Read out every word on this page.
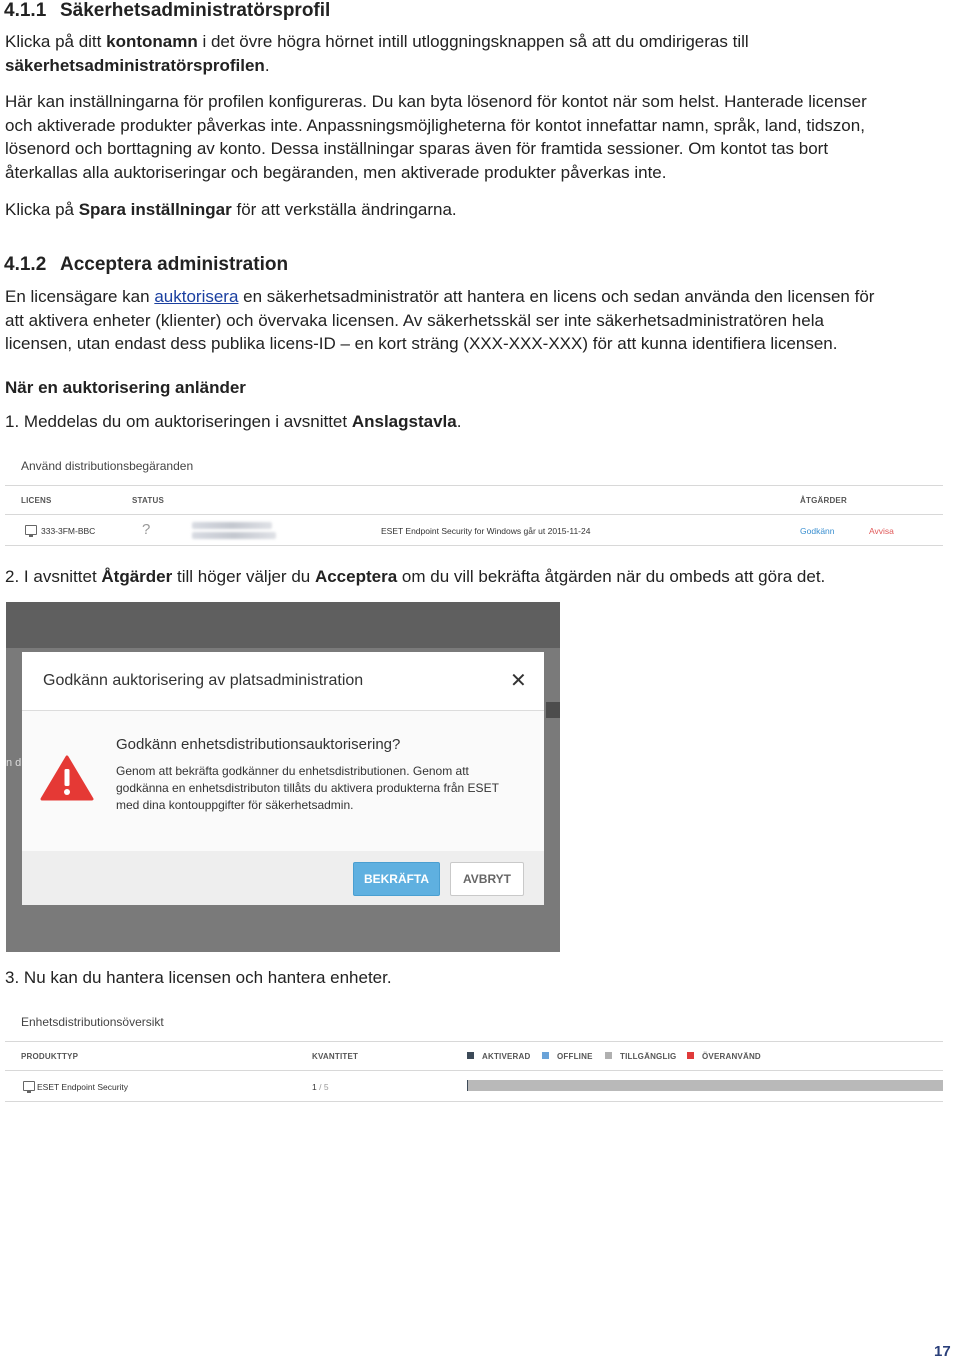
4.1.1 Säkerhetsadministratörsprofil
Klicka på ditt kontonamn i det övre högra hörnet intill utloggningsknappen så att du omdirigeras till
säkerhetsadministratörsprofilen.
Här kan inställningarna för profilen konfigureras. Du kan byta lösenord för kontot när som helst. Hanterade licenser
och aktiverade produkter påverkas inte. Anpassningsmöjligheterna för kontot innefattar namn, språk, land, tidszon,
lösenord och borttagning av konto. Dessa inställningar sparas även för framtida sessioner. Om kontot tas bort
återkallas alla auktoriseringar och begäranden, men aktiverade produkter påverkas inte.
Klicka på Spara inställningar för att verkställa ändringarna.
4.1.2 Acceptera administration
En licensägare kan auktorisera en säkerhetsadministratör att hantera en licens och sedan använda den licensen för
att aktivera enheter (klienter) och övervaka licensen. Av säkerhetsskäl ser inte säkerhetsadministratören hela
licensen, utan endast dess publika licens-ID – en kort sträng (XXX-XXX-XXX) för att kunna identifiera licensen.
När en auktorisering anländer
1. Meddelas du om auktoriseringen i avsnittet Anslagstavla.
Använd distributionsbegäranden
LICENS	STATUS	ÅTGÄRDER
333-3FM-BBC	?	ESET Endpoint Security for Windows går ut 2015-11-24	Godkänn	Avvisa
2. I avsnittet Åtgärder till höger väljer du Acceptera om du vill bekräfta åtgärden när du ombeds att göra det.
n d
Godkänn auktorisering av platsadministration	✕
Godkänn enhetsdistributionsauktorisering?
Genom att bekräfta godkänner du enhetsdistributionen. Genom att
godkänna en enhetsdistributon tillåts du aktivera produkterna från ESET
med dina kontouppgifter för säkerhetsadmin.
BEKRÄFTA	AVBRYT
3. Nu kan du hantera licensen och hantera enheter.
Enhetsdistributionsöversikt
PRODUKTTYP	KVANTITET	AKTIVERAD	OFFLINE	TILLGÄNGLIG	ÖVERANVÄND
ESET Endpoint Security	1 / 5
17
